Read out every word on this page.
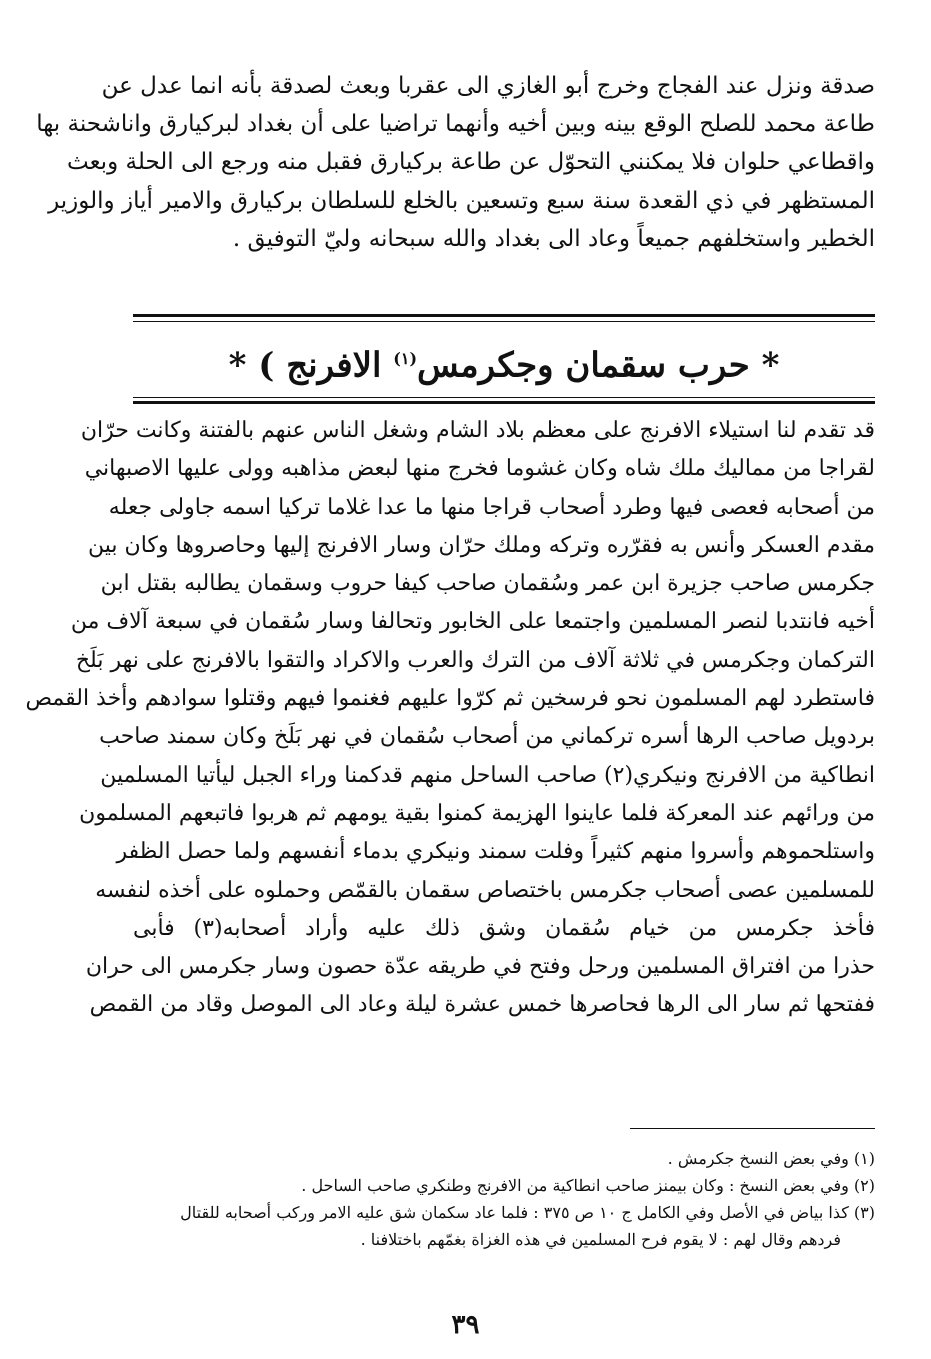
صدقة ونزل عند الفجاج وخرج أبو الغازي الى عقربا وبعث لصدقة بأنه انما عدل عن
طاعة محمد للصلح الوقع بينه وبين أخيه وأنهما تراضيا على أن بغداد لبركيارق واناشحنة بها
واقطاعي حلوان فلا يمكنني التحوّل عن طاعة بركيارق فقبل منه ورجع الى الحلة وبعث
المستظهر في ذي القعدة سنة سبع وتسعين بالخلع للسلطان بركيارق والامير أياز والوزير
الخطير واستخلفهم جميعاً وعاد الى بغداد والله سبحانه وليّ التوفيق .
* حرب سقمان وجكرمس$^{(١)}$ الافرنج ) *
قد تقدم لنا استيلاء الافرنج على معظم بلاد الشام وشغل الناس عنهم بالفتنة وكانت حرّان
لقراجا من مماليك ملك شاه وكان غشوما فخرج منها لبعض مذاهبه وولى عليها الاصبهاني
من أصحابه فعصى فيها وطرد أصحاب قراجا منها ما عدا غلاما تركيا اسمه جاولى جعله
مقدم العسكر وأنس به فقرّره وتركه وملك حرّان وسار الافرنج إليها وحاصروها وكان بين
جكرمس صاحب جزيرة ابن عمر وسُقمان صاحب كيفا حروب وسقمان يطالبه بقتل ابن
أخيه فانتدبا لنصر المسلمين واجتمعا على الخابور وتحالفا وسار سُقمان في سبعة آلاف من
التركمان وجكرمس في ثلاثة آلاف من الترك والعرب والاكراد والتقوا بالافرنج على نهر بَلَخ
فاستطرد لهم المسلمون نحو فرسخين ثم كرّوا عليهم فغنموا فيهم وقتلوا سوادهم وأخذ القمص
بردويل صاحب الرها أسره تركماني من أصحاب سُقمان في نهر بَلَخ وكان سمند صاحب
انطاكية من الافرنج ونيكري(٢) صاحب الساحل منهم قدكمنا وراء الجبل ليأتيا المسلمين
من ورائهم عند المعركة فلما عاينوا الهزيمة كمنوا بقية يومهم ثم هربوا فاتبعهم المسلمون
واستلحموهم وأسروا منهم كثيراً وفلت سمند ونيكري بدماء أنفسهم ولما حصل الظفر
للمسلمين عصى أصحاب جكرمس باختصاص سقمان بالقمّص وحملوه على أخذه لنفسه
فأخذ جكرمس من خيام سُقمان وشق ذلك عليه وأراد أصحابه(٣) فأبى
حذرا من افتراق المسلمين ورحل وفتح في طريقه عدّة حصون وسار جكرمس الى حران
ففتحها ثم سار الى الرها فحاصرها خمس عشرة ليلة وعاد الى الموصل وقاد من القمص
(١) وفي بعض النسخ جكرمش .
(٢) وفي بعض النسخ : وكان بيمنز صاحب انطاكية من الافرنج وطنكري صاحب الساحل .
(٣) كذا بياض في الأصل وفي الكامل ج ١٠ ص ٣٧٥ : فلما عاد سكمان شق عليه الامر وركب أصحابه للقتال
فردهم وقال لهم : لا يقوم فرح المسلمين في هذه الغزاة بغمّهم باختلافنا .
٣٩
